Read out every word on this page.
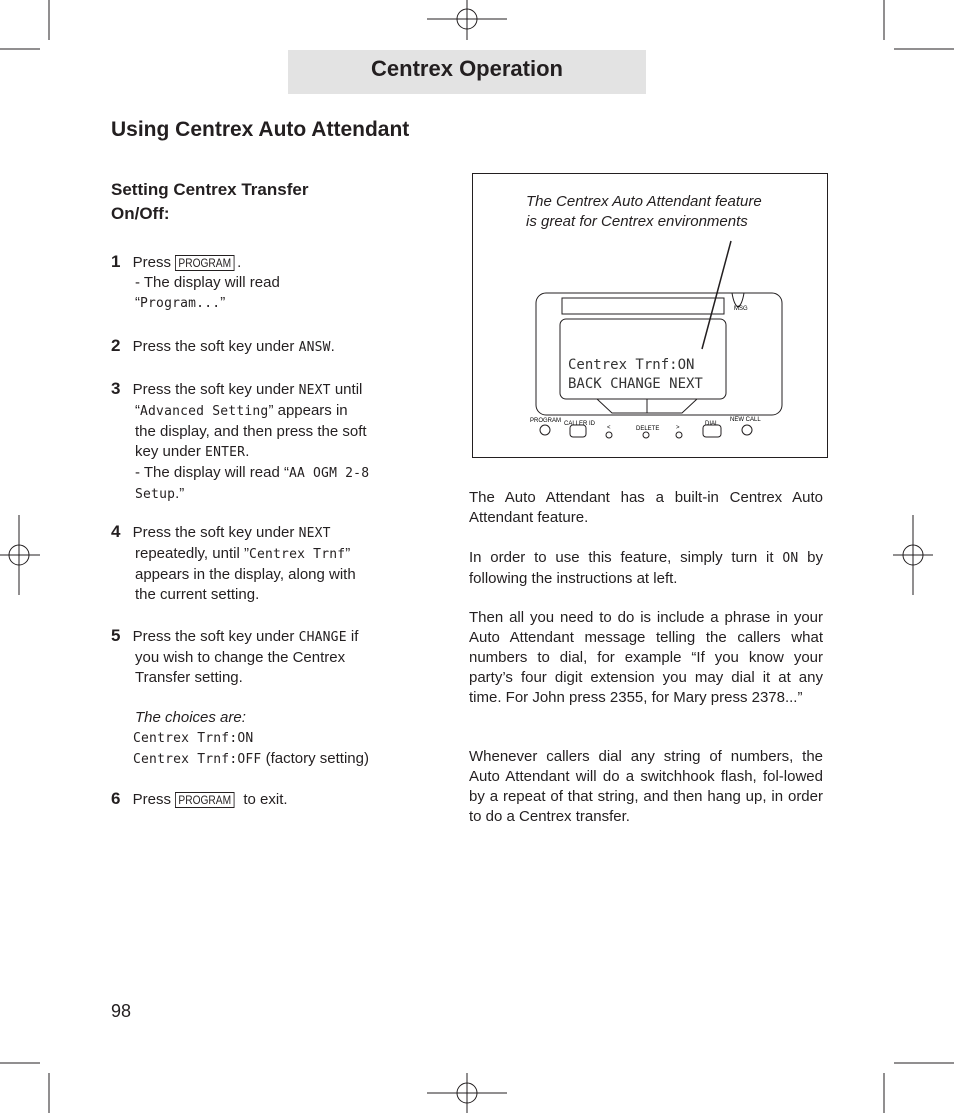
Centrex Operation
Using Centrex Auto Attendant
Setting Centrex Transfer On/Off:
1 Press PROGRAM .
- The display will read
“Program...”
2 Press the soft key under ANSW.
3 Press the soft key under NEXT until
“Advanced Setting” appears in
the display, and then press the soft
key under ENTER.
- The display will read “AA OGM 2-8
Setup.”
4 Press the soft key under NEXT
repeatedly, until ”Centrex Trnf”
appears in the display, along with
the current setting.
5 Press the soft key under CHANGE if
you wish to change the Centrex
Transfer setting.
The choices are:
Centrex Trnf:ON
Centrex Trnf:OFF (factory setting)
6 Press PROGRAM to exit.
The Centrex Auto Attendant feature
is great for Centrex environments
MSG
PROGRAM CALLER ID
<	DELETE	>
DIAL
NEW CALL
Centrex Trnf:ON
BACK CHANGE NEXT
The Auto Attendant has a built-in Centrex Auto Attendant feature.
In order to use this feature, simply turn it ON by following the instructions at left.
Then all you need to do is include a phrase in your Auto Attendant message telling the callers what numbers to dial, for example “If you know your party’s four digit extension you may dial it at any time. For John press 2355, for Mary press 2378...”
Whenever callers dial any string of numbers, the Auto Attendant will do a switchhook flash, fol-lowed by a repeat of that string, and then hang up, in order to do a Centrex transfer.
98
